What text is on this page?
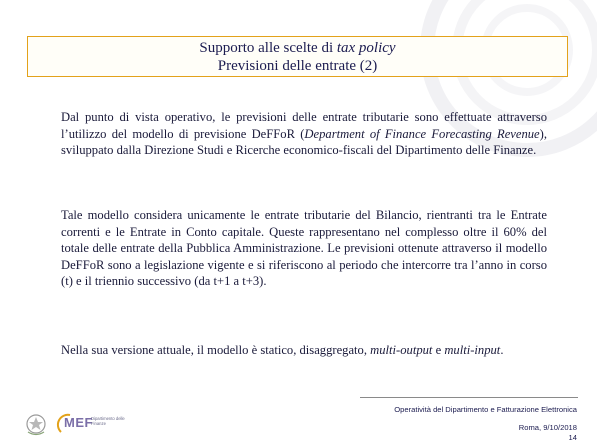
Supporto alle scelte di tax policy
Previsioni delle entrate (2)
Dal punto di vista operativo, le previsioni delle entrate tributarie sono effettuate attraverso l’utilizzo del modello di previsione DeFFoR (Department of Finance Forecasting Revenue), sviluppato dalla Direzione Studi e Ricerche economico-fiscali del Dipartimento delle Finanze.
Tale modello considera unicamente le entrate tributarie del Bilancio, rientranti tra le Entrate correnti e le Entrate in Conto capitale. Queste rappresentano nel complesso oltre il 60% del totale delle entrate della Pubblica Amministrazione. Le previsioni ottenute attraverso il modello DeFFoR sono a legislazione vigente e si riferiscono al periodo che intercorre tra l’anno in corso (t) e il triennio successivo (da t+1 a t+3).
Nella sua versione attuale, il modello è statico, disaggregato, multi-output e multi-input.
MEF
Dipartimento delle Finanze
Operatività del Dipartimento e Fatturazione Elettronica
Roma, 9/10/2018
14
